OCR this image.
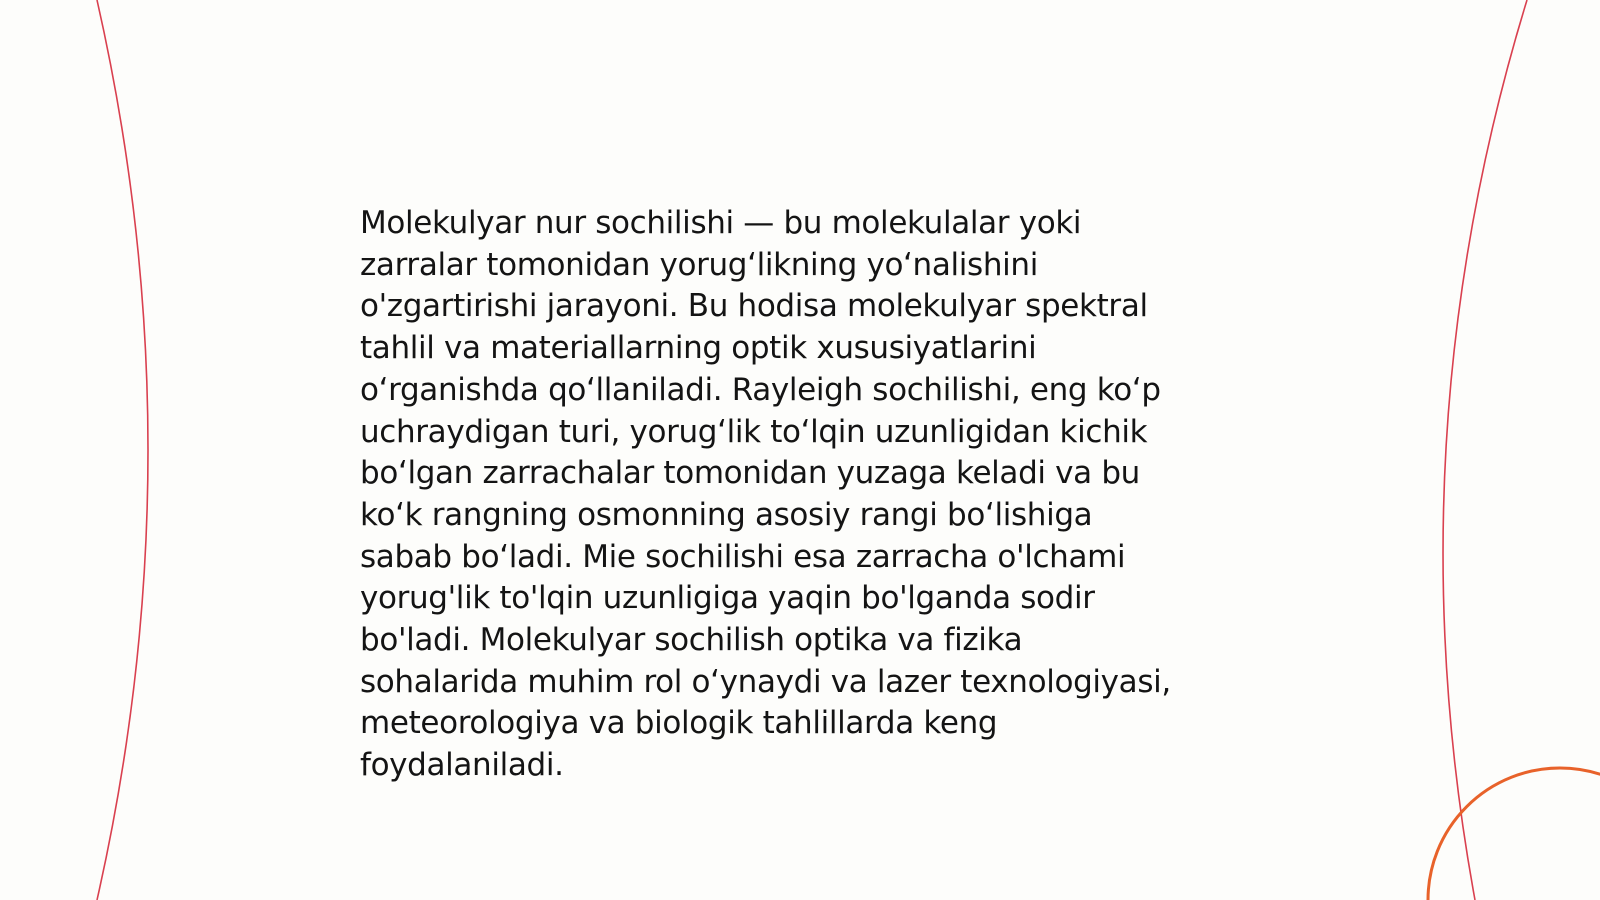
Molekulyar nur sochilishi — bu molekulalar yoki
zarralar tomonidan yorugʻlikning yoʻnalishini
o'zgartirishi jarayoni. Bu hodisa molekulyar spektral
tahlil va materiallarning optik xususiyatlarini
oʻrganishda qoʻllaniladi. Rayleigh sochilishi, eng koʻp
uchraydigan turi, yorugʻlik toʻlqin uzunligidan kichik
boʻlgan zarrachalar tomonidan yuzaga keladi va bu
koʻk rangning osmonning asosiy rangi boʻlishiga
sabab boʻladi. Mie sochilishi esa zarracha o'lchami
yorug'lik to'lqin uzunligiga yaqin bo'lganda sodir
bo'ladi. Molekulyar sochilish optika va fizika
sohalarida muhim rol oʻynaydi va lazer texnologiyasi,
meteorologiya va biologik tahlillarda keng
foydalaniladi.
